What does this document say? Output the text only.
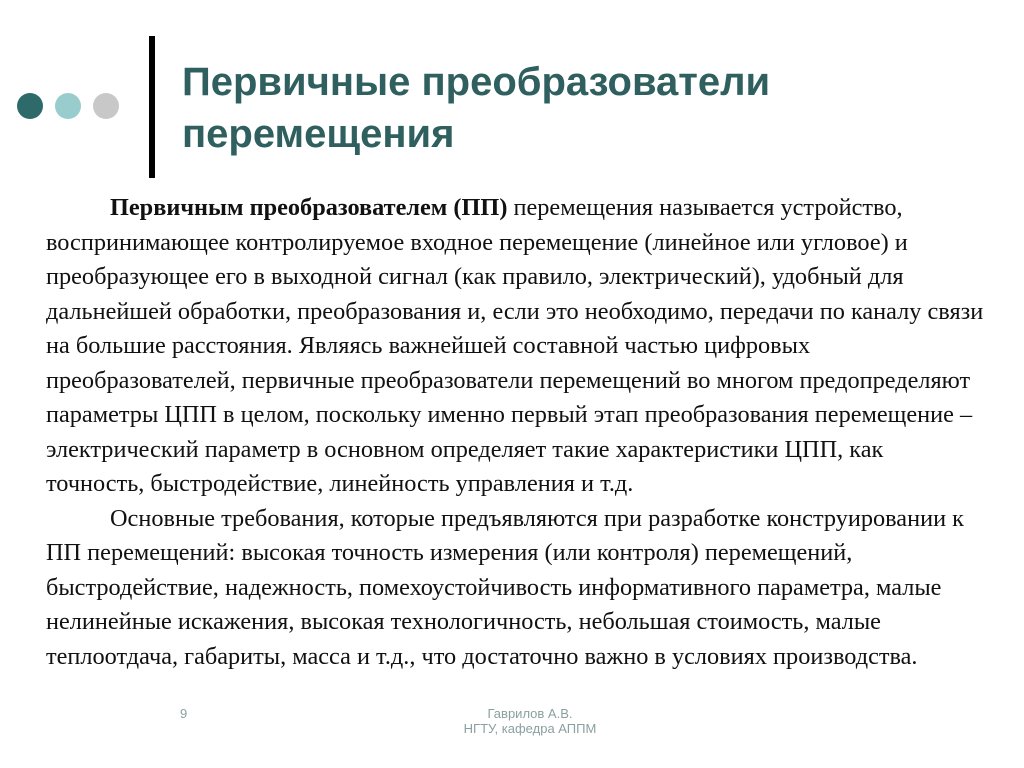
Первичные преобразователи перемещения

Первичным преобразователем (ПП) перемещения называется устройство, воспринимающее контролируемое входное перемещение (линейное или угловое) и преобразующее его в выходной сигнал (как правило, электрический), удобный для дальнейшей обработки, преобразования и, если это необходимо, передачи по каналу связи на большие расстояния. Являясь важнейшей составной частью цифровых преобразователей, первичные преобразователи перемещений во многом предопределяют параметры ЦПП в целом, поскольку именно первый этап преобразования перемещение – электрический параметр в основном определяет такие характеристики ЦПП, как точность, быстродействие, линейность управления и т.д.

Основные требования, которые предъявляются при разработке конструировании к ПП перемещений: высокая точность измерения (или контроля) перемещений, быстродействие, надежность, помехоустойчивость информативного параметра, малые нелинейные искажения, высокая технологичность, небольшая стоимость, малые теплоотдача, габариты, масса и т.д., что достаточно важно в условиях производства.

9	Гаврилов А.В.
НГТУ, кафедра АППМ
